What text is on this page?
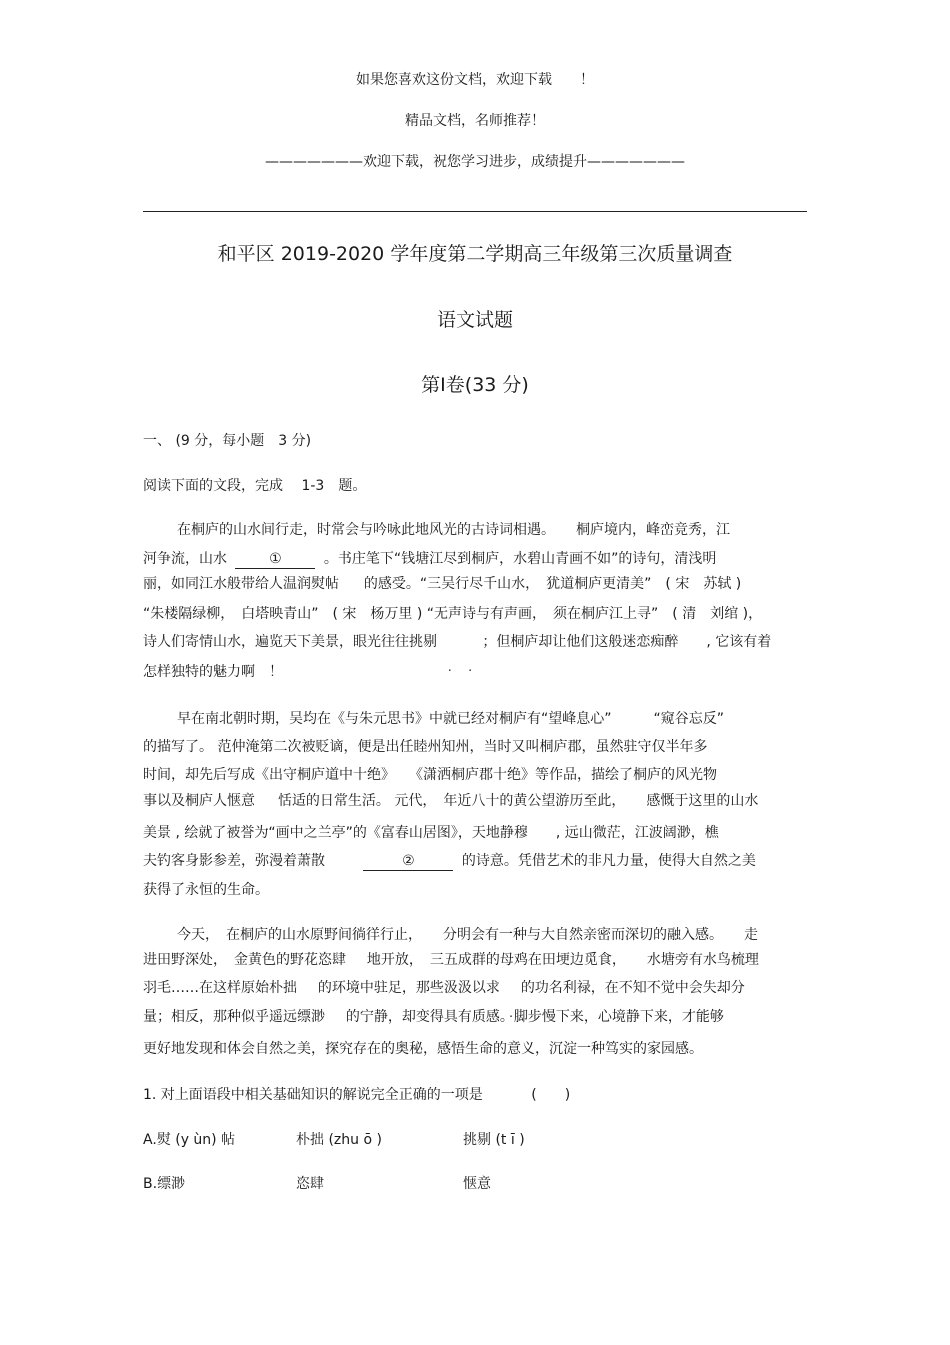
如果您喜欢这份文档，欢迎下载　　！
精品文档，名师推荐！
———————欢迎下载，祝您学习进步，成绩提升———————
和平区 2019-2020 学年度第二学期高三年级第三次质量调查
语文试题
第Ⅰ卷(33 分)
一、 (9 分，每小题　3 分)
阅读下面的文段，完成　 1-3　题。
在桐庐的山水间行走，时常会与吟咏此地风光的古诗词相遇。　　桐庐境内，峰峦竞秀，江
河争流，山水	①	。书庄笔下“钱塘江尽到桐庐，水碧山青画不如”的诗句，清浅明
丽，如同江水般带给人温润熨帖 的感受。“三吴行尽千山水，　犹道桐庐更清美”　( 宋　苏轼 )
“朱楼隔绿柳，　白塔映青山”　( 宋　杨万里 ) “无声诗与有声画，　须在桐庐江上寻”　( 清　刘绾 )，
诗人们寄情山水，遍览天下美景，眼光往往挑剔	；但桐庐却让他们这般迷恋痴醉　　, 它该有着
怎样独特的魅力啊　！
早在南北朝时期，吴均在《与朱元思书》中就已经对桐庐有“望峰息心”　　　“窥谷忘反”
的描写了。 范仲淹第二次被贬谪，便是出任睦州知州，当时又叫桐庐郡，虽然驻守仅半年多
时间，却先后写成《出守桐庐道中十绝》　　《潇洒桐庐郡十绝》等作品，描绘了桐庐的风光物
事以及桐庐人惬意 恬适的日常生活。 元代，　年近八十的黄公望游历至此，　　感慨于这里的山水
美景 , 绘就了被誉为“画中之兰亭”的《富春山居图》，天地静穆　　, 远山微茫，江波阔渺，樵
夫钓客身影参差，弥漫着萧散	②	的诗意。凭借艺术的非凡力量，使得大自然之美
获得了永恒的生命。
今天，　在桐庐的山水原野间徜徉行止，　　分明会有一种与大自然亲密而深切的融入感。　　走
进田野深处，　金黄色的野花恣肆 地开放，　三五成群的母鸡在田埂边觅食，　　水塘旁有水鸟梳理
羽毛……在这样原始朴拙 的环境中驻足，那些汲汲以求 的功名利禄，在不知不觉中会失却分
量；相反，那种似乎遥远缥渺 的宁静，却变得具有质感。脚步慢下来，心境静下来，才能够
更好地发现和体会自然之美，探究存在的奥秘，感悟生命的意义，沉淀一种笃实的家园感。
1. 对上面语段中相关基础知识的解说完全正确的一项是	(　　)
A.熨 (y ùn) 帖	朴拙 (zhu ō )	挑剔 (t ī )
B.缥渺	恣肆	惬意
